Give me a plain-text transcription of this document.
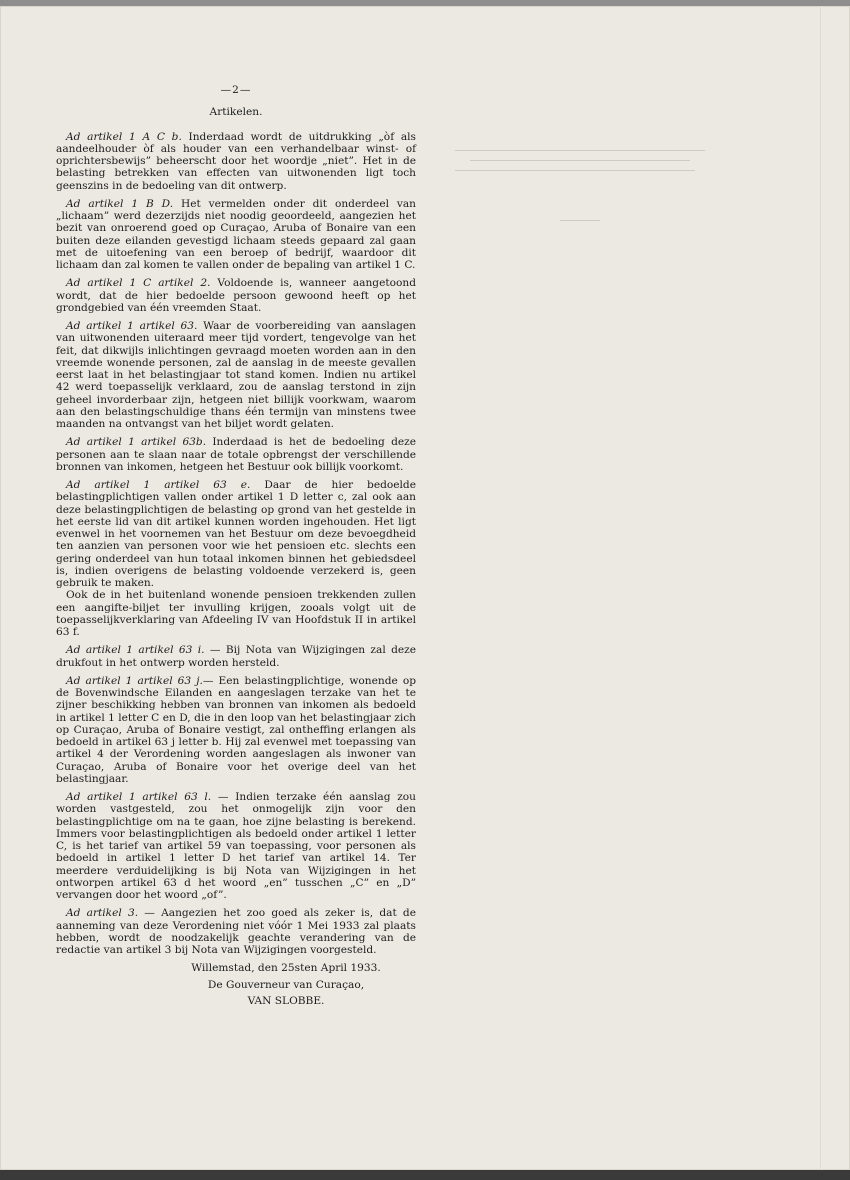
—2—

Artikelen.

Ad artikel 1 A C b. Inderdaad wordt de uitdrukking „òf als aandeelhouder òf als houder van een verhandelbaar winst- of oprichtersbewijs” beheerscht door het woordje „niet”. Het in de belasting betrekken van effecten van uitwonenden ligt toch geenszins in de bedoeling van dit ontwerp.

Ad artikel 1 B D. Het vermelden onder dit onderdeel van „lichaam” werd dezerzijds niet noodig geoordeeld, aangezien het bezit van onroerend goed op Curaçao, Aruba of Bonaire van een buiten deze eilanden gevestigd lichaam steeds gepaard zal gaan met de uitoefening van een beroep of bedrijf, waardoor dit lichaam dan zal komen te vallen onder de bepaling van artikel 1 C.

Ad artikel 1 C artikel 2. Voldoende is, wanneer aangetoond wordt, dat de hier bedoelde persoon gewoond heeft op het grondgebied van één vreemden Staat.

Ad artikel 1 artikel 63. Waar de voorbereiding van aanslagen van uitwonenden uiteraard meer tijd vordert, tengevolge van het feit, dat dikwijls inlichtingen gevraagd moeten worden aan in den vreemde wonende personen, zal de aanslag in de meeste gevallen eerst laat in het belastingjaar tot stand komen. Indien nu artikel 42 werd toepasselijk verklaard, zou de aanslag terstond in zijn geheel invorderbaar zijn, hetgeen niet billijk voorkwam, waarom aan den belastingschuldige thans één termijn van minstens twee maanden na ontvangst van het biljet wordt gelaten.

Ad artikel 1 artikel 63b. Inderdaad is het de bedoeling deze personen aan te slaan naar de totale opbrengst der verschillende bronnen van inkomen, hetgeen het Bestuur ook billijk voorkomt.

Ad artikel 1 artikel 63 e. Daar de hier bedoelde belastingplichtigen vallen onder artikel 1 D letter c, zal ook aan deze belastingplichtigen de belasting op grond van het gestelde in het eerste lid van dit artikel kunnen worden ingehouden. Het ligt evenwel in het voornemen van het Bestuur om deze bevoegdheid ten aanzien van personen voor wie het pensioen etc. slechts een gering onderdeel van hun totaal inkomen binnen het gebiedsdeel is, indien overigens de belasting voldoende verzekerd is, geen gebruik te maken.

Ook de in het buitenland wonende pensioen trekkenden zullen een aangifte-biljet ter invulling krijgen, zooals volgt uit de toepasselijkverklaring van Afdeeling IV van Hoofdstuk II in artikel 63 f.

Ad artikel 1 artikel 63 i. — Bij Nota van Wijzigingen zal deze drukfout in het ontwerp worden hersteld.

Ad artikel 1 artikel 63 j.— Een belastingplichtige, wonende op de Bovenwindsche Eilanden en aangeslagen terzake van het te zijner beschikking hebben van bronnen van inkomen als bedoeld in artikel 1 letter C en D, die in den loop van het belastingjaar zich op Curaçao, Aruba of Bonaire vestigt, zal ontheffing erlangen als bedoeld in artikel 63 j letter b. Hij zal evenwel met toepassing van artikel 4 der Verordening worden aangeslagen als inwoner van Curaçao, Aruba of Bonaire voor het overige deel van het belastingjaar.

Ad artikel 1 artikel 63 l. — Indien terzake één aanslag zou worden vastgesteld, zou het onmogelijk zijn voor den belastingplichtige om na te gaan, hoe zijne belasting is berekend. Immers voor belastingplichtigen als bedoeld onder artikel 1 letter C, is het tarief van artikel 59 van toepassing, voor personen als bedoeld in artikel 1 letter D het tarief van artikel 14. Ter meerdere verduidelijking is bij Nota van Wijzigingen in het ontworpen artikel 63 d het woord „en” tusschen „C” en „D” vervangen door het woord „of”.

Ad artikel 3. — Aangezien het zoo goed als zeker is, dat de aanneming van deze Verordening niet vóór 1 Mei 1933 zal plaats hebben, wordt de noodzakelijk geachte verandering van de redactie van artikel 3 bij Nota van Wijzigingen voorgesteld.

Willemstad, den 25sten April 1933.

De Gouverneur van Curaçao,

VAN SLOBBE.
